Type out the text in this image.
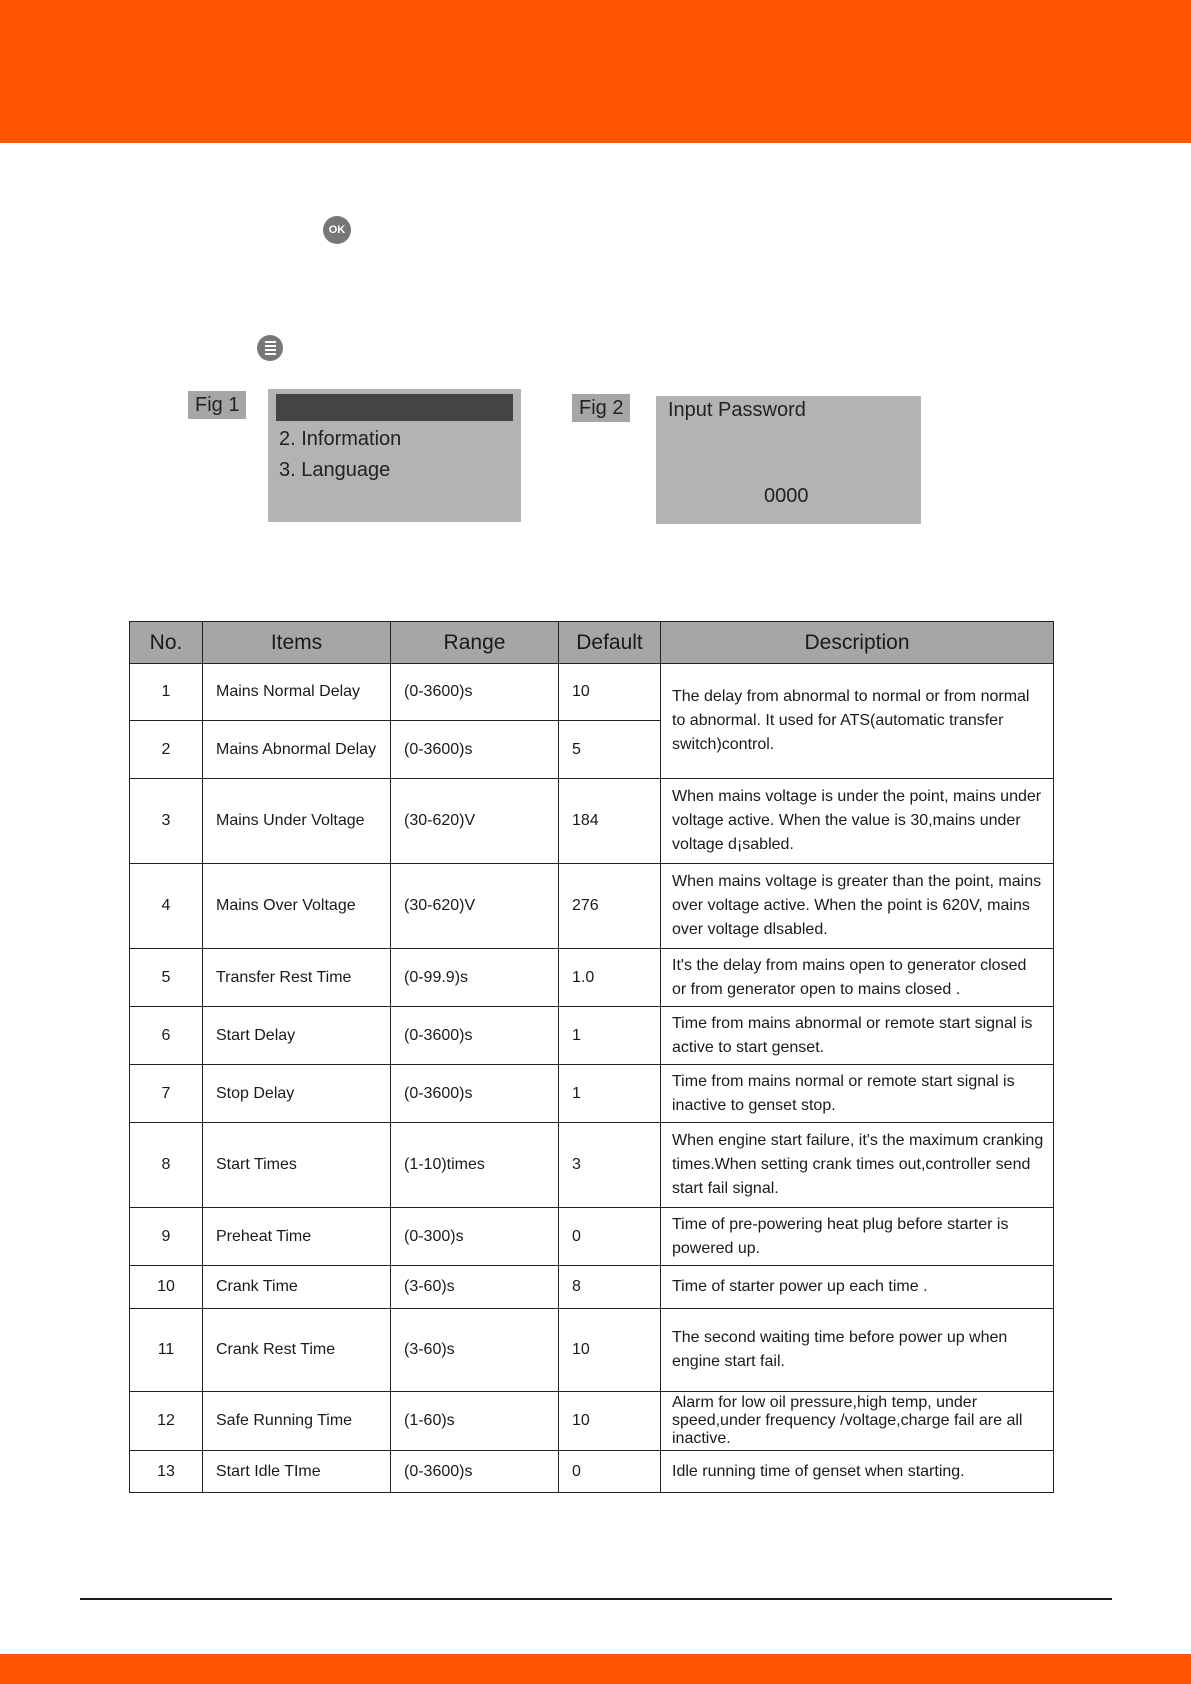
OK
Fig 1
2. Information
3. Language
Fig 2	Input Password
0000
No.	Items	Range	Default	Description
1	Mains Normal Delay	(0-3600)s	10	The delay from abnormal to normal or from normal to abnormal. It used for ATS(automatic transfer switch)control.
2	Mains Abnormal Delay	(0-3600)s	5	
3	Mains Under Voltage	(30-620)V	184	When mains voltage is under the point, mains under voltage active. When the value is 30,mains under voltage d¡sabled.
4	Mains Over Voltage	(30-620)V	276	When mains voltage is greater than the point, mains over voltage active. When the point is 620V, mains over voltage dlsabled.
5	Transfer Rest Time	(0-99.9)s	1.0	It's the delay from mains open to generator closed or from generator open to mains closed .
6	Start Delay	(0-3600)s	1	Time from mains abnormal or remote start signal is active to start genset.
7	Stop Delay	(0-3600)s	1	Time from mains normal or remote start signal is inactive to genset stop.
8	Start Times	(1-10)times	3	When engine start failure, it's the maximum cranking times.When setting crank times out,controller send start fail signal.
9	Preheat Time	(0-300)s	0	Time of pre-powering heat plug before starter is powered up.
10	Crank Time	(3-60)s	8	Time of starter power up each time .
11	Crank Rest Time	(3-60)s	10	The second waiting time before power up when engine start fail.
12	Safe Running Time	(1-60)s	10	Alarm for low oil pressure,high temp, under speed,under frequency /voltage,charge fail are all inactive.
13	Start Idle TIme	(0-3600)s	0	Idle running time of genset when starting.
